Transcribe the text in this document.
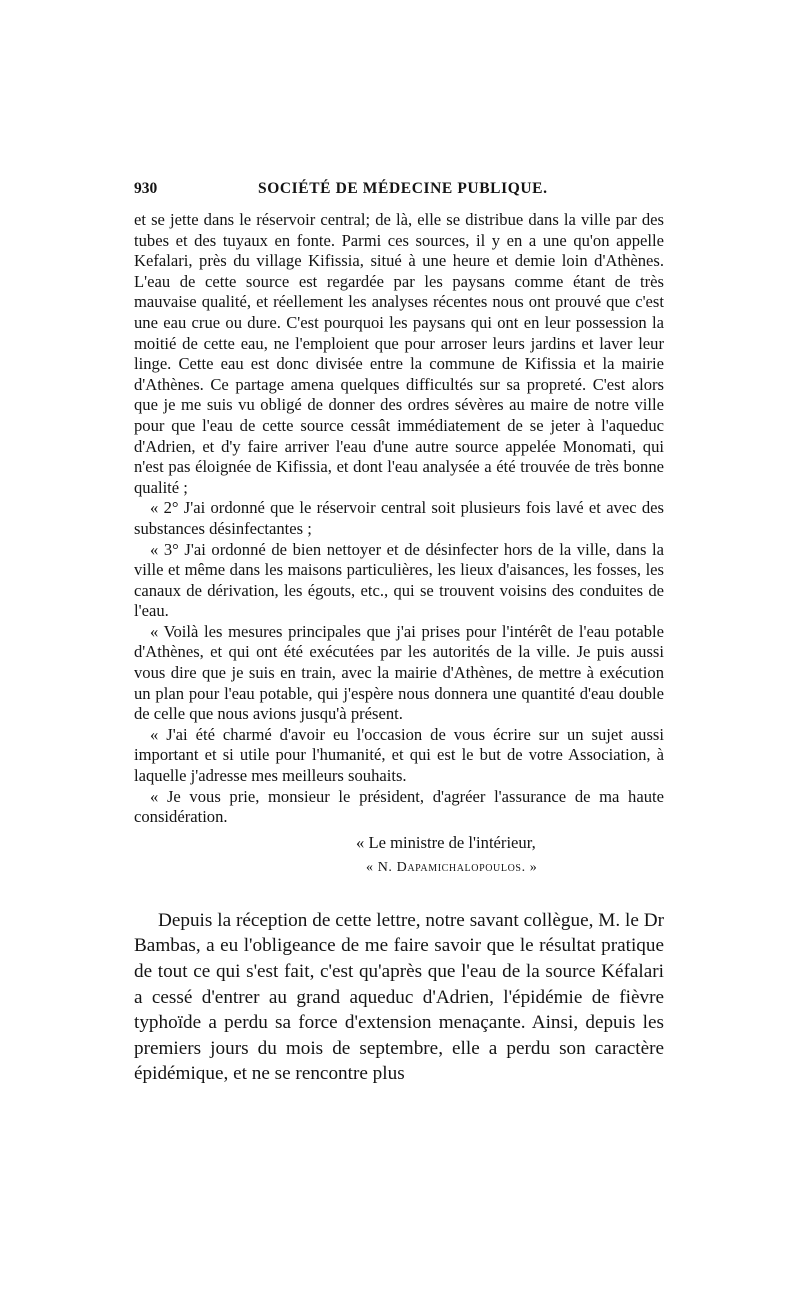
930	SOCIÉTÉ DE MÉDECINE PUBLIQUE.

et se jette dans le réservoir central; de là, elle se distribue dans la ville par des tubes et des tuyaux en fonte. Parmi ces sources, il y en a une qu'on appelle Kefalari, près du village Kifissia, situé à une heure et demie loin d'Athènes. L'eau de cette source est regardée par les paysans comme étant de très mauvaise qualité, et réellement les analyses récentes nous ont prouvé que c'est une eau crue ou dure. C'est pourquoi les paysans qui ont en leur possession la moitié de cette eau, ne l'emploient que pour arroser leurs jardins et laver leur linge. Cette eau est donc divisée entre la commune de Kifissia et la mairie d'Athènes. Ce partage amena quelques difficultés sur sa propreté. C'est alors que je me suis vu obligé de donner des ordres sévères au maire de notre ville pour que l'eau de cette source cessât immédiatement de se jeter à l'aqueduc d'Adrien, et d'y faire arriver l'eau d'une autre source appelée Monomati, qui n'est pas éloignée de Kifissia, et dont l'eau analysée a été trouvée de très bonne qualité ;

« 2° J'ai ordonné que le réservoir central soit plusieurs fois lavé et avec des substances désinfectantes ;

« 3° J'ai ordonné de bien nettoyer et de désinfecter hors de la ville, dans la ville et même dans les maisons particulières, les lieux d'aisances, les fosses, les canaux de dérivation, les égouts, etc., qui se trouvent voisins des conduites de l'eau.

« Voilà les mesures principales que j'ai prises pour l'intérêt de l'eau potable d'Athènes, et qui ont été exécutées par les autorités de la ville. Je puis aussi vous dire que je suis en train, avec la mairie d'Athènes, de mettre à exécution un plan pour l'eau potable, qui j'espère nous donnera une quantité d'eau double de celle que nous avions jusqu'à présent.

« J'ai été charmé d'avoir eu l'occasion de vous écrire sur un sujet aussi important et si utile pour l'humanité, et qui est le but de votre Association, à laquelle j'adresse mes meilleurs souhaits.

« Je vous prie, monsieur le président, d'agréer l'assurance de ma haute considération.

« Le ministre de l'intérieur,
« N. Dapamichalopoulos. »

Depuis la réception de cette lettre, notre savant collègue, M. le Dr Bambas, a eu l'obligeance de me faire savoir que le résultat pratique de tout ce qui s'est fait, c'est qu'après que l'eau de la source Kéfalari a cessé d'entrer au grand aqueduc d'Adrien, l'épidémie de fièvre typhoïde a perdu sa force d'extension menaçante. Ainsi, depuis les premiers jours du mois de septembre, elle a perdu son caractère épidémique, et ne se rencontre plus
